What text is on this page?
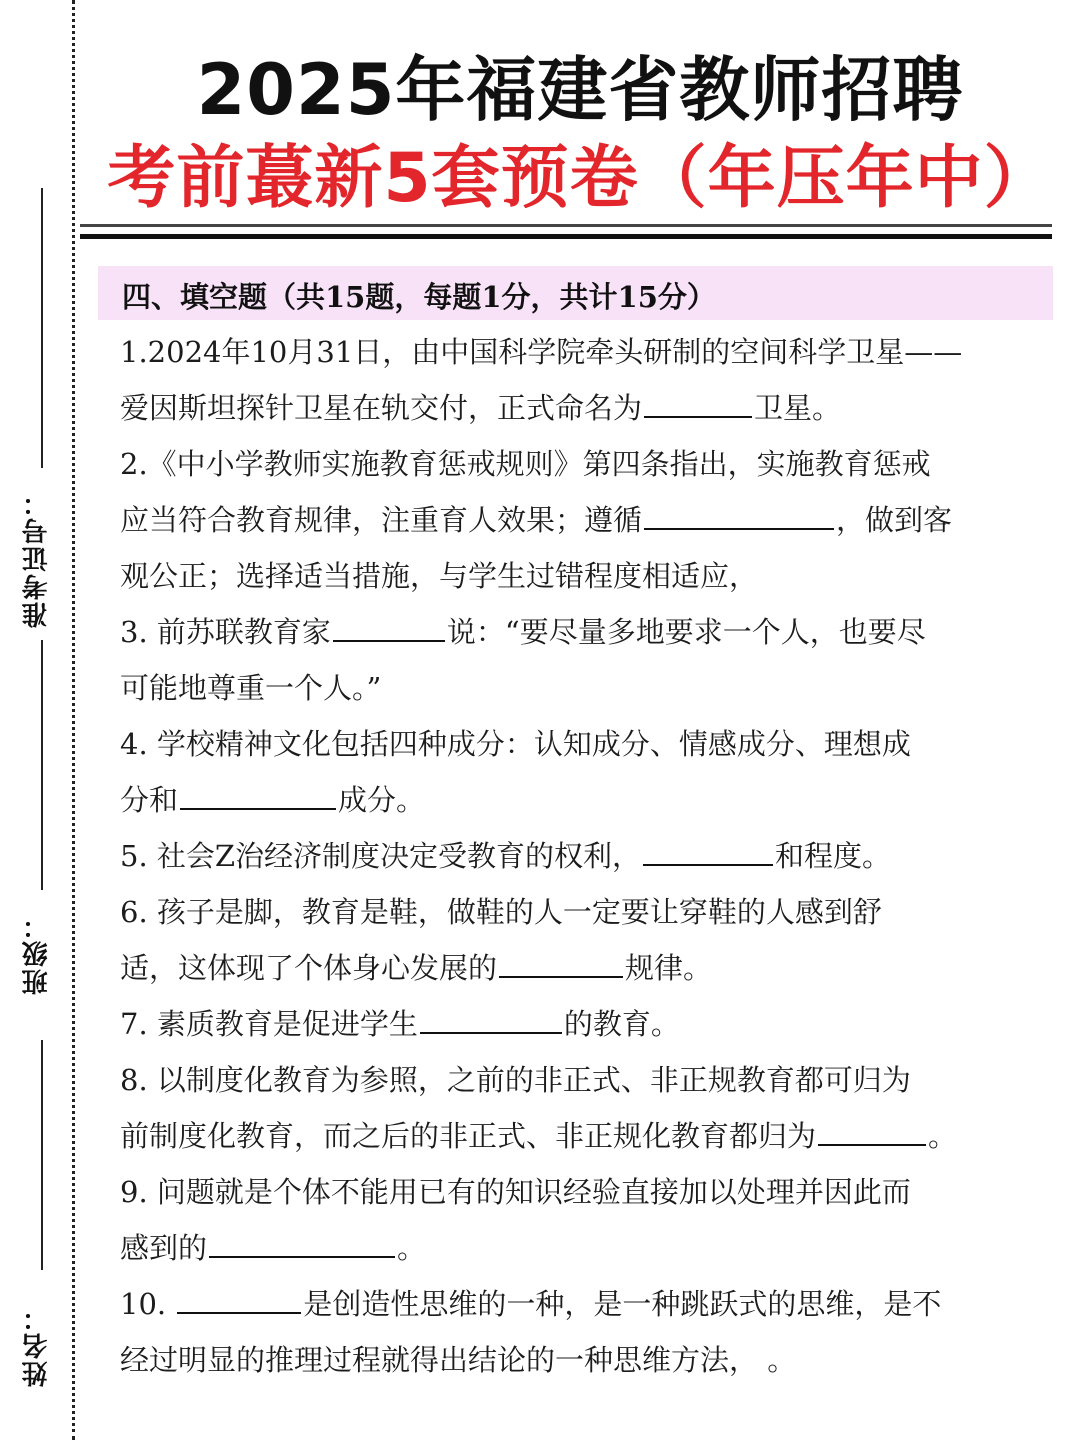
准考证号：
班级：
姓名：
2025年福建省教师招聘
考前蕞新5套预卷（年压年中）
四、填空题（共15题，每题1分，共计15分）
1.2024年10月31日，由中国科学院牵头研制的空间科学卫星——
爱因斯坦探针卫星在轨交付，正式命名为	卫星。
2.《中小学教师实施教育惩戒规则》第四条指出，实施教育惩戒
应当符合教育规律，注重育人效果；遵循	，做到客
观公正；选择适当措施，与学生过错程度相适应，
3. 前苏联教育家	说：“要尽量多地要求一个人，也要尽
可能地尊重一个人。”
4. 学校精神文化包括四种成分：认知成分、情感成分、理想成
分和	成分。
5. 社会Z治经济制度决定受教育的权利，	和程度。
6. 孩子是脚，教育是鞋，做鞋的人一定要让穿鞋的人感到舒
适，这体现了个体身心发展的	规律。
7. 素质教育是促进学生	的教育。
8. 以制度化教育为参照，之前的非正式、非正规教育都可归为
前制度化教育，而之后的非正式、非正规化教育都归为	。
9. 问题就是个体不能用已有的知识经验直接加以处理并因此而
感到的	。
10.	是创造性思维的一种，是一种跳跃式的思维，是不
经过明显的推理过程就得出结论的一种思维方法， 。
